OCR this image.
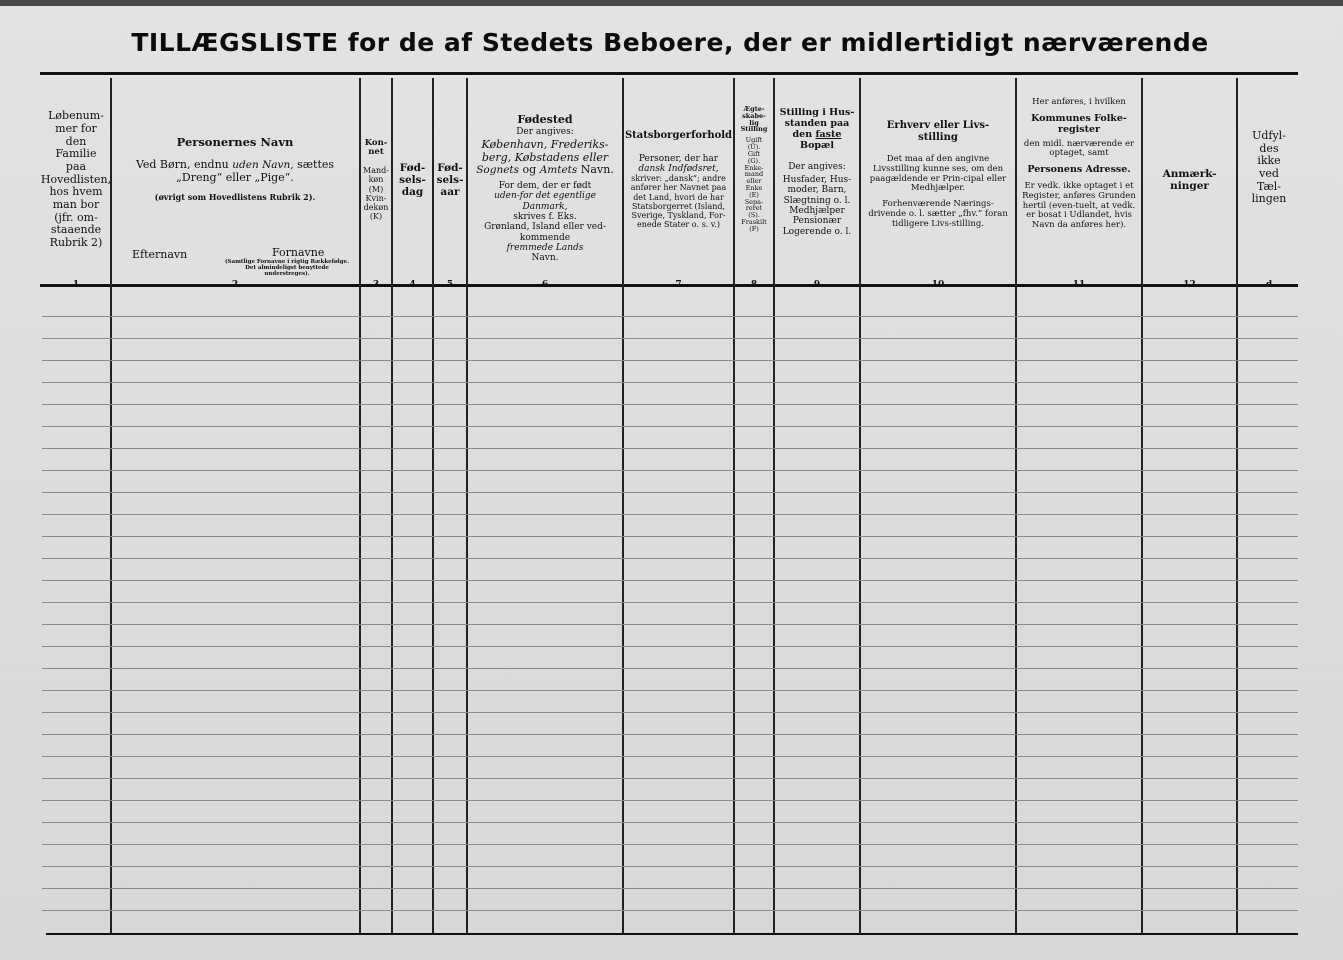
TILLÆGSLISTE for de af Stedets Beboere, der er midlertidigt nærværende
Løbenum-
mer for den
Familie paa
Hovedlisten,
hos hvem
man bor
(jfr. om-
staaende
Rubrik 2)
Personernes Navn
Ved Børn, endnu uden Navn, sættes
„Dreng“ eller „Pige“.
(øvrigt som Hovedlistens Rubrik 2).
Efternavn	Fornavne
(Samtlige Fornavne i rigtig Rækkefølge. Det almindeligst benyttede understreges).
Kon-
net
Mand-
køn
(M)
Kvin-
dekøn
(K)
Fød-
sels-
dag
Fød-
sels-
aar
Fødested
Der angives:
København, Frederiks-berg, Købstadens eller
Sognets og Amtets Navn.
For dem, der er født
uden-for det egentlige Danmark,
skrives f. Eks.
Grønland, Island eller ved-kommende
fremmede Lands
Navn.
Statsborgerforhold
Personer, der har
dansk Indfødsret,
skriver: „dansk“; andre anfører her Navnet paa det Land, hvori de har Statsborgerret (Island, Sverige, Tyskland, For-enede Stater o. s. v.)
Ægte-
skabe-
lig
Stilling
Ugift
(U).
Gift
(G).
Enke-
mand
eller
Enke
(E)
Sepa-
reret
(S).
Fraskilt
(F)
Stilling i Hus-
standen paa
den faste
Bopæl
Der angives:
Husfader, Hus-moder, Barn, Slægtning o. l. Medhjælper Pensionær Logerende o. l.
Erhverv eller Livs-stilling
Det maa af den angivne Livsstilling kunne ses, om den paagældende er Prin-cipal eller Medhjælper.
Forhenværende Nærings-drivende o. l. sætter „fhv.“ foran tidligere Livs-stilling.
Her anføres, i hvilken
Kommunes Folke-register
den midl. nærværende er optaget, samt
Personens Adresse.
Er vedk. ikke optaget i et Register, anføres Grunden hertil (even-tuelt, at vedk. er bosat i Udlandet, hvis Navn da anføres her).
Anmærk-ninger
Udfyl-
des
ikke
ved
Tæl-
lingen
1	2	3	4	5	6	7	8	9	10	11	12	d
